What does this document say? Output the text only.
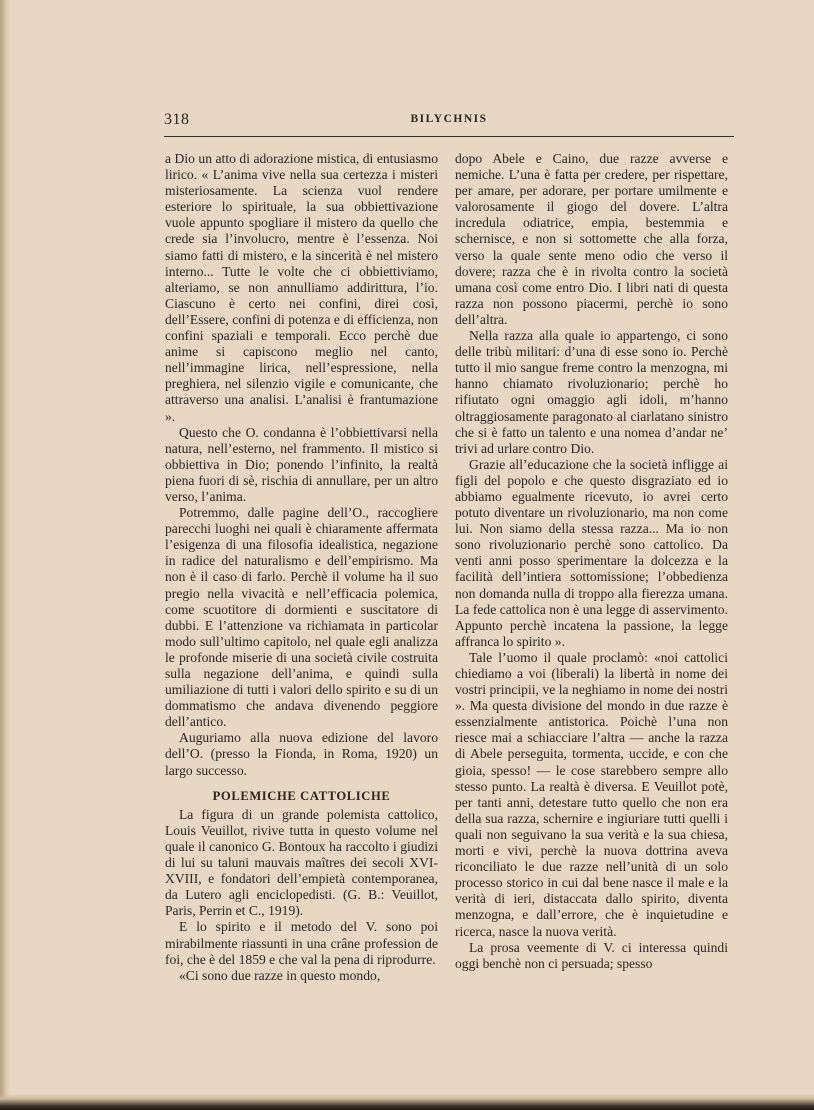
318	BILYCHNIS

a Dio un atto di adorazione mistica, di entusiasmo lirico. « L’anima vive nella sua certezza i misteri misteriosamente. La scienza vuol rendere esteriore lo spirituale, la sua obbiettivazione vuole appunto spogliare il mistero da quello che crede sia l’involucro, mentre è l’essenza. Noi siamo fatti di mistero, e la sincerità è nel mistero interno... Tutte le volte che ci obbiettiviamo, alteriamo, se non annulliamo addirittura, l’io. Ciascuno è certo nei confini, direi così, dell’Essere, confini di potenza e di efficienza, non confini spaziali e temporali. Ecco perchè due anime si capiscono meglio nel canto, nell’immagine lirica, nell’espressione, nella preghiera, nel silenzio vigile e comunicante, che attraverso una analisi. L’analisi è frantumazione ».

Questo che O. condanna è l’obbiettivarsi nella natura, nell’esterno, nel frammento. Il mistico si obbiettiva in Dio; ponendo l’infinito, la realtà piena fuori di sè, rischia di annullare, per un altro verso, l’anima.

Potremmo, dalle pagine dell’O., raccogliere parecchi luoghi nei quali è chiaramente affermata l’esigenza di una filosofia idealistica, negazione in radice del naturalismo e dell’empirismo. Ma non è il caso di farlo. Perchè il volume ha il suo pregio nella vivacità e nell’efficacia polemica, come scuotitore di dormienti e suscitatore di dubbi. E l’attenzione va richiamata in particolar modo sull’ultimo capitolo, nel quale egli analizza le profonde miserie di una società civile costruita sulla negazione dell’anima, e quindi sulla umiliazione di tutti i valori dello spirito e su di un dommatismo che andava divenendo peggiore dell’antico.

Auguriamo alla nuova edizione del lavoro dell’O. (presso la Fionda, in Roma, 1920) un largo successo.

POLEMICHE CATTOLICHE

La figura di un grande polemista cattolico, Louis Veuillot, rivive tutta in questo volume nel quale il canonico G. Bontoux ha raccolto i giudizi di lui su taluni mauvais maîtres dei secoli XVI-XVIII, e fondatori dell’empietà contemporanea, da Lutero agli enciclopedisti. (G. B.: Veuillot, Paris, Perrin et C., 1919).

E lo spirito e il metodo del V. sono poi mirabilmente riassunti in una crâne profession de foi, che è del 1859 e che val la pena di riprodurre.

«Ci sono due razze in questo mondo,

dopo Abele e Caino, due razze avverse e nemiche. L’una è fatta per credere, per rispettare, per amare, per adorare, per portare umilmente e valorosamente il giogo del dovere. L’altra incredula odiatrice, empia, bestemmia e schernisce, e non si sottomette che alla forza, verso la quale sente meno odio che verso il dovere; razza che è in rivolta contro la società umana così come entro Dio. I libri nati di questa razza non possono piacermi, perchè io sono dell’altra.

Nella razza alla quale io appartengo, ci sono delle tribù militari: d’una di esse sono io. Perchè tutto il mio sangue freme contro la menzogna, mi hanno chiamato rivoluzionario; perchè ho rifiutato ogni omaggio agli idoli, m’hanno oltraggiosamente paragonato al ciarlatano sinistro che si è fatto un talento e una nomea d’andar ne’ trivi ad urlare contro Dio.

Grazie all’educazione che la società infligge ai figli del popolo e che questo disgraziato ed io abbiamo egualmente ricevuto, io avrei certo potuto diventare un rivoluzionario, ma non come lui. Non siamo della stessa razza... Ma io non sono rivoluzionario perchè sono cattolico. Da venti anni posso sperimentare la dolcezza e la facilità dell’intiera sottomissione; l’obbedienza non domanda nulla di troppo alla fierezza umana. La fede cattolica non è una legge di asservimento. Appunto perchè incatena la passione, la legge affranca lo spirito ».

Tale l’uomo il quale proclamò: «noi cattolici chiediamo a voi (liberali) la libertà in nome dei vostri principii, ve la neghiamo in nome dei nostri ». Ma questa divisione del mondo in due razze è essenzialmente antistorica. Poichè l’una non riesce mai a schiacciare l’altra — anche la razza di Abele perseguita, tormenta, uccide, e con che gioia, spesso! — le cose starebbero sempre allo stesso punto. La realtà è diversa. E Veuillot potè, per tanti anni, detestare tutto quello che non era della sua razza, schernire e ingiuriare tutti quelli i quali non seguivano la sua verità e la sua chiesa, morti e vivi, perchè la nuova dottrina aveva riconciliato le due razze nell’unità di un solo processo storico in cui dal bene nasce il male e la verità di ieri, distaccata dallo spirito, diventa menzogna, e dall’errore, che è inquietudine e ricerca, nasce la nuova verità.

La prosa veemente di V. ci interessa quindi oggi benchè non ci persuada; spesso
